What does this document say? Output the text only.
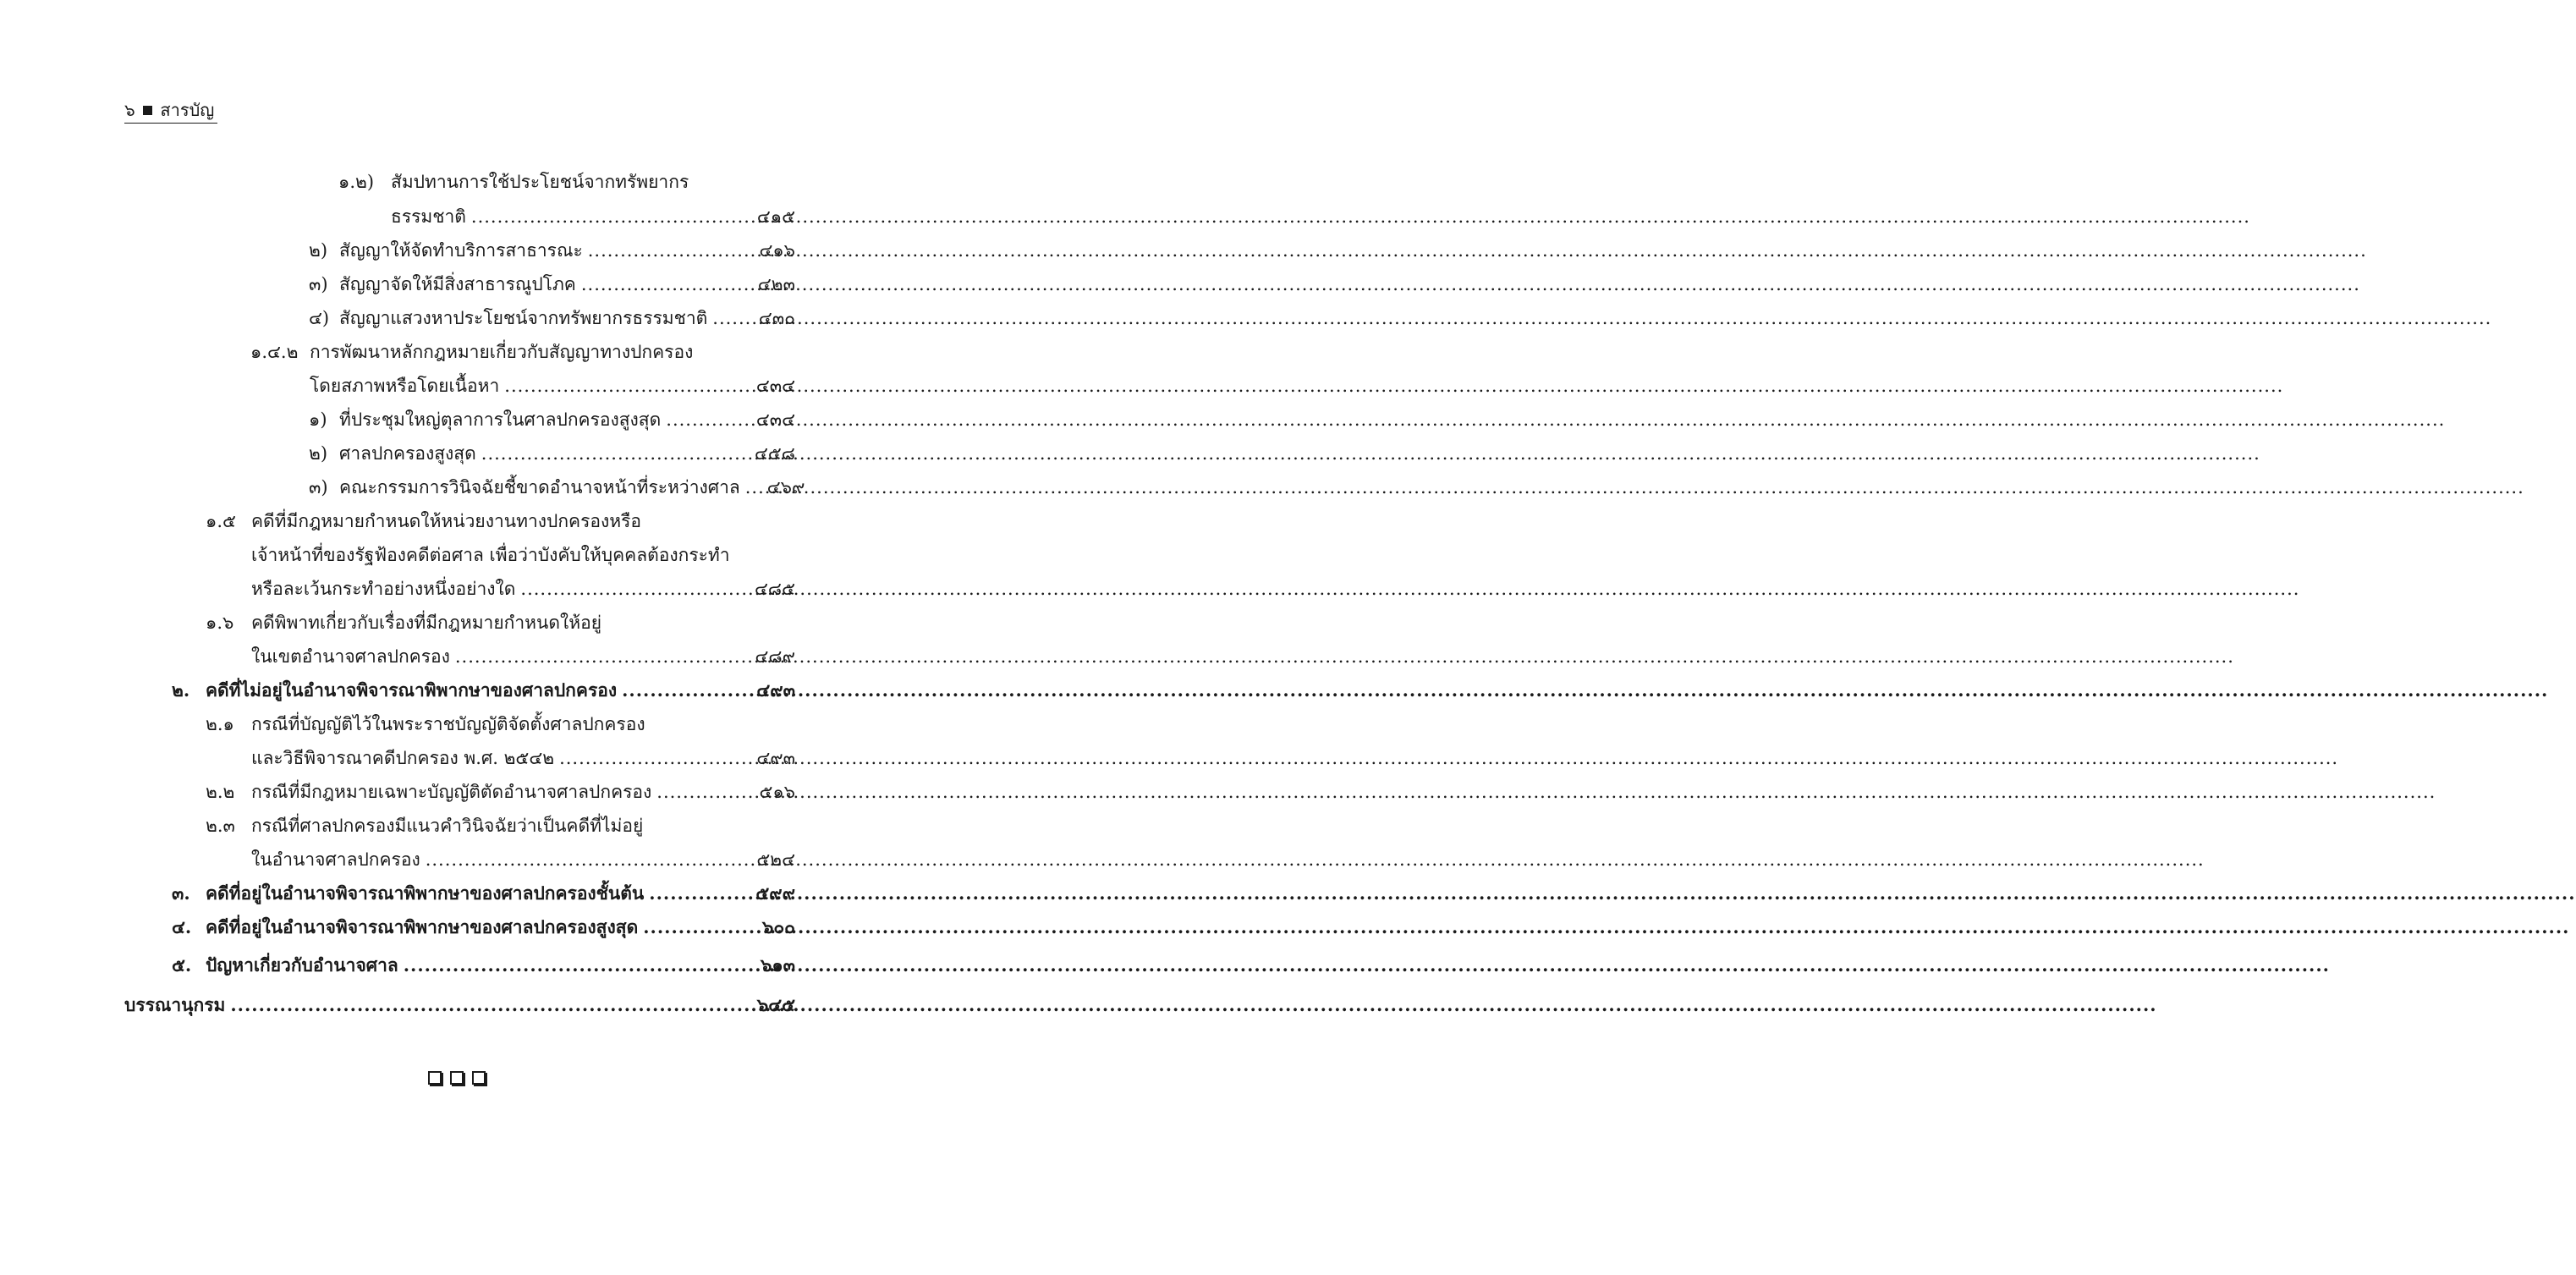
๖ สารบัญ
๑.๒) สัมปทานการใช้ประโยชน์จากทรัพยากร
ธรรมชาติ .....	๔๑๕
๒) สัญญาให้จัดทำบริการสาธารณะ .....	๔๑๖
๓) สัญญาจัดให้มีสิ่งสาธารณูปโภค .....	๔๒๓
๔) สัญญาแสวงหาประโยชน์จากทรัพยากรธรรมชาติ .....	๔๓๐
๑.๔.๒ การพัฒนาหลักกฎหมายเกี่ยวกับสัญญาทางปกครอง
โดยสภาพหรือโดยเนื้อหา .....	๔๓๔
๑) ที่ประชุมใหญ่ตุลาการในศาลปกครองสูงสุด .....	๔๓๔
๒) ศาลปกครองสูงสุด .....	๔๕๘
๓) คณะกรรมการวินิจฉัยชี้ขาดอำนาจหน้าที่ระหว่างศาล ..... ๔๖๙
๑.๕ คดีที่มีกฎหมายกำหนดให้หน่วยงานทางปกครองหรือ
เจ้าหน้าที่ของรัฐฟ้องคดีต่อศาล เพื่อว่าบังคับให้บุคคลต้องกระทำ
หรือละเว้นกระทำอย่างหนึ่งอย่างใด .....	๔๘๕
๑.๖ คดีพิพาทเกี่ยวกับเรื่องที่มีกฎหมายกำหนดให้อยู่
ในเขตอำนาจศาลปกครอง .....	๔๘๙
๒. คดีที่ไม่อยู่ในอำนาจพิจารณาพิพากษาของศาลปกครอง .....	๔๙๓
๒.๑ กรณีที่บัญญัติไว้ในพระราชบัญญัติจัดตั้งศาลปกครอง
และวิธีพิจารณาคดีปกครอง พ.ศ. ๒๕๔๒ .....	๔๙๓
๒.๒ กรณีที่มีกฎหมายเฉพาะบัญญัติตัดอำนาจศาลปกครอง .....	๕๑๖
๒.๓ กรณีที่ศาลปกครองมีแนวคำวินิจฉัยว่าเป็นคดีที่ไม่อยู่
ในอำนาจศาลปกครอง .....	๕๒๔
๓. คดีที่อยู่ในอำนาจพิจารณาพิพากษาของศาลปกครองชั้นต้น .....	๕๙๙
๔. คดีที่อยู่ในอำนาจพิจารณาพิพากษาของศาลปกครองสูงสุด .....	๖๐๐
๕. ปัญหาเกี่ยวกับอำนาจศาล .....	๖๑๓
บรรณานุกรม .....	๖๔๕
